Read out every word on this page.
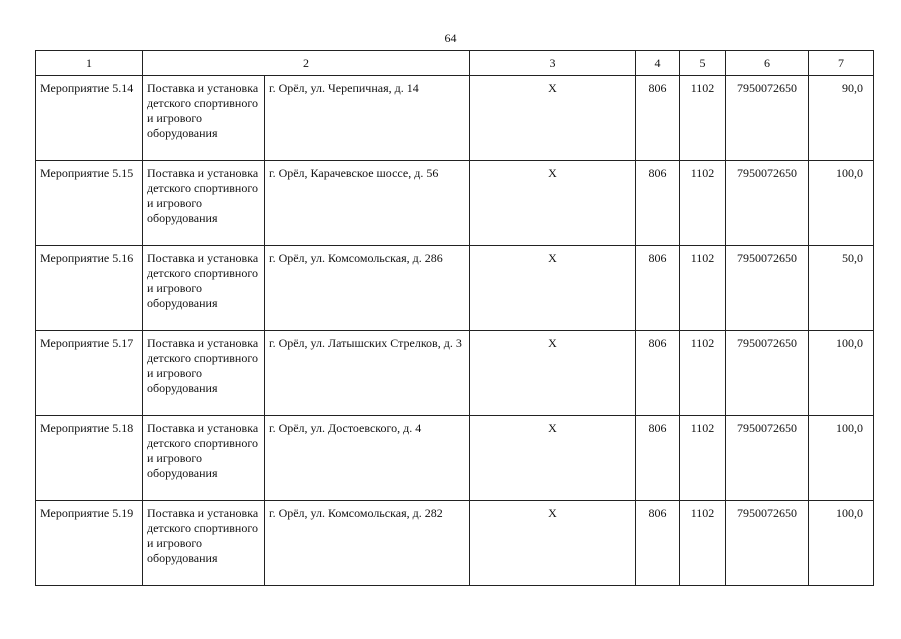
64
1	2		3	4	5	6	7
Мероприятие 5.14	Поставка и установка детского спортивного и игрового оборудования	г. Орёл, ул. Черепичная, д. 14	Х	806	1102	7950072650	90,0
Мероприятие 5.15	Поставка и установка детского спортивного и игрового оборудования	г. Орёл, Карачевское шоссе, д. 56	Х	806	1102	7950072650	100,0
Мероприятие 5.16	Поставка и установка детского спортивного и игрового оборудования	г. Орёл, ул. Комсомольская, д. 286	Х	806	1102	7950072650	50,0
Мероприятие 5.17	Поставка и установка детского спортивного и игрового оборудования	г. Орёл, ул. Латышских Стрелков, д. 3	Х	806	1102	7950072650	100,0
Мероприятие 5.18	Поставка и установка детского спортивного и игрового оборудования	г. Орёл, ул. Достоевского, д. 4	Х	806	1102	7950072650	100,0
Мероприятие 5.19	Поставка и установка детского спортивного и игрового оборудования	г. Орёл, ул. Комсомольская, д. 282	Х	806	1102	7950072650	100,0
